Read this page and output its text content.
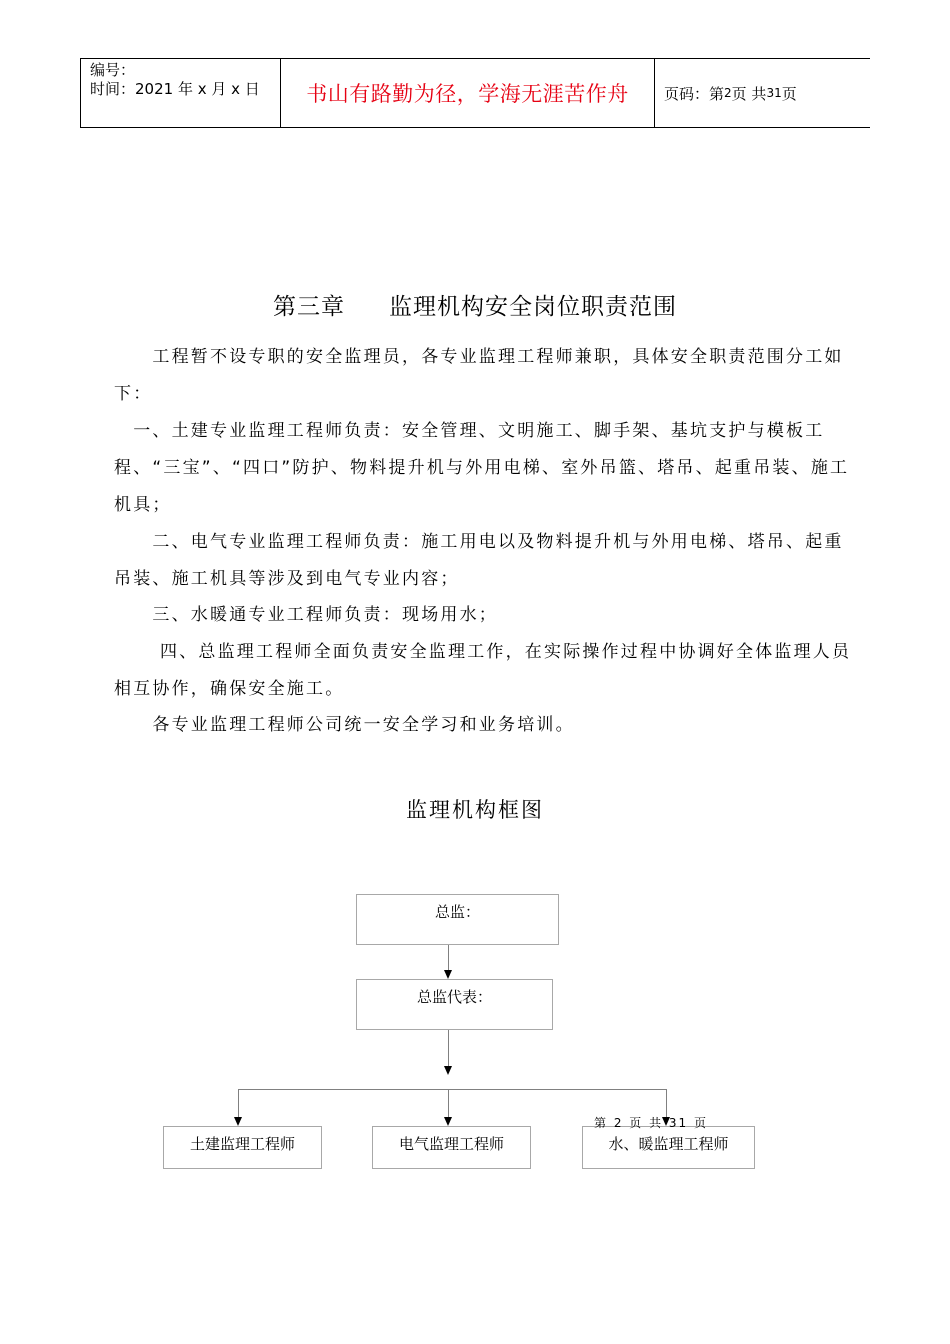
编号：
时间：2021 年 x 月 x 日	书山有路勤为径，学海无涯苦作舟 页码：第 2 页 共 31 页
第三章 监理机构安全岗位职责范围

　　工程暂不设专职的安全监理员，各专业监理工程师兼职，具体安全职责范围分工如下：

　一、土建专业监理工程师负责：安全管理、文明施工、脚手架、基坑支护与模板工程、“三宝”、“四口”防护、物料提升机与外用电梯、室外吊篮、塔吊、起重吊装、施工机具；

　　二、电气专业监理工程师负责：施工用电以及物料提升机与外用电梯、塔吊、起重吊装、施工机具等涉及到电气专业内容；

　　三、水暖通专业工程师负责：现场用水；

　　 四、总监理工程师全面负责安全监理工作，在实际操作过程中协调好全体监理人员相互协作，确保安全施工。

　　各专业监理工程师公司统一安全学习和业务培训。

监理机构框图
总监：
总监代表：
土建监理工程师	电气监理工程师	水、暖监理工程师
第 2 页 共 31 页
